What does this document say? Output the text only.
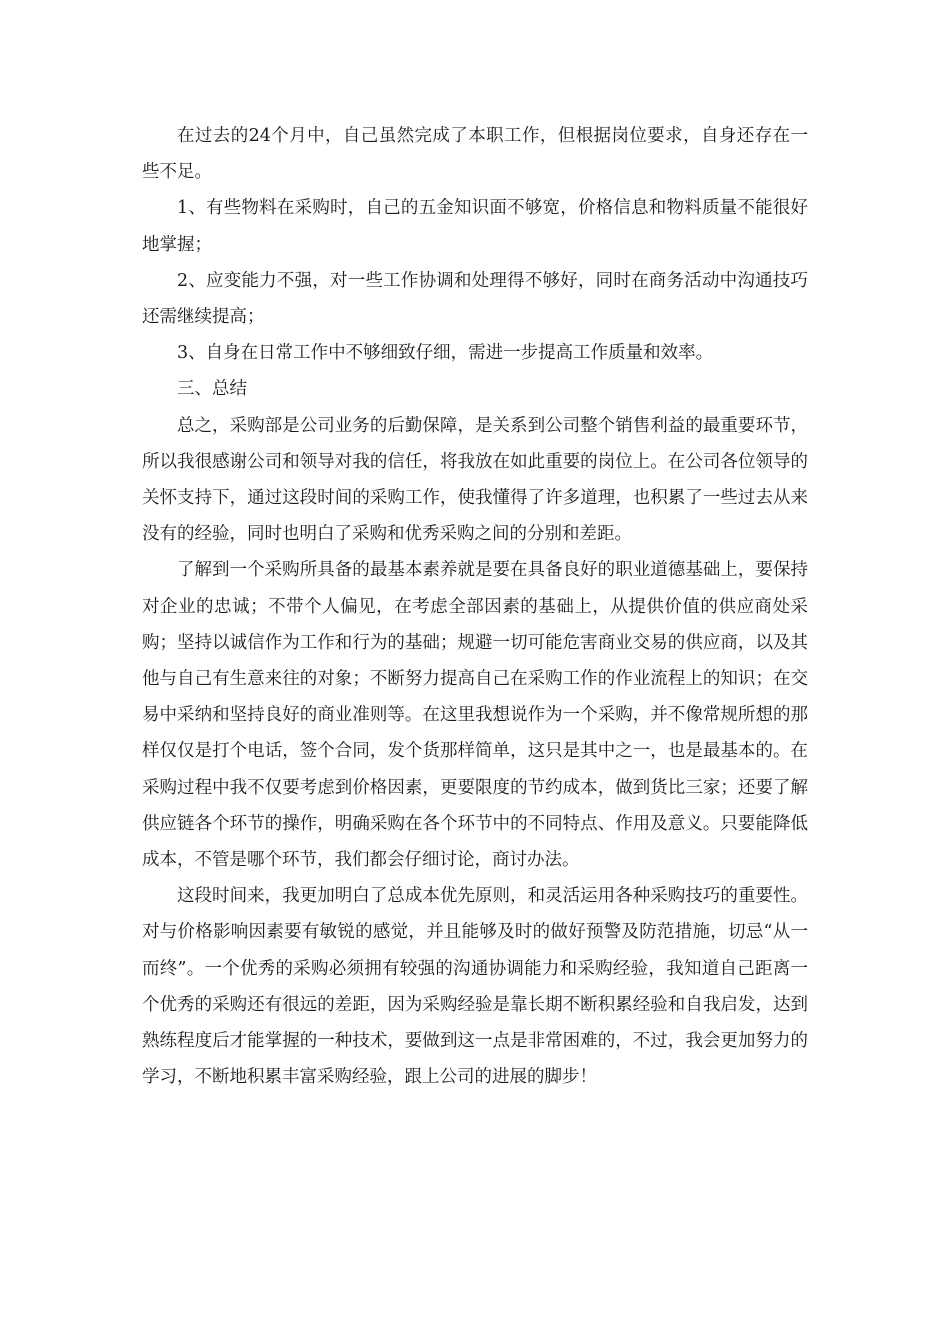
在过去的24个月中，自己虽然完成了本职工作，但根据岗位要求，自身还存在一些不足。

1、有些物料在采购时，自己的五金知识面不够宽，价格信息和物料质量不能很好地掌握；

2、应变能力不强，对一些工作协调和处理得不够好，同时在商务活动中沟通技巧还需继续提高；

3、自身在日常工作中不够细致仔细，需进一步提高工作质量和效率。

三、总结

总之，采购部是公司业务的后勤保障，是关系到公司整个销售利益的最重要环节，所以我很感谢公司和领导对我的信任，将我放在如此重要的岗位上。在公司各位领导的关怀支持下，通过这段时间的采购工作，使我懂得了许多道理，也积累了一些过去从来没有的经验，同时也明白了采购和优秀采购之间的分别和差距。

了解到一个采购所具备的最基本素养就是要在具备良好的职业道德基础上，要保持对企业的忠诚；不带个人偏见，在考虑全部因素的基础上，从提供价值的供应商处采购；坚持以诚信作为工作和行为的基础；规避一切可能危害商业交易的供应商，以及其他与自己有生意来往的对象；不断努力提高自己在采购工作的作业流程上的知识；在交易中采纳和坚持良好的商业准则等。在这里我想说作为一个采购，并不像常规所想的那样仅仅是打个电话，签个合同，发个货那样简单，这只是其中之一，也是最基本的。在采购过程中我不仅要考虑到价格因素，更要限度的节约成本，做到货比三家；还要了解供应链各个环节的操作，明确采购在各个环节中的不同特点、作用及意义。只要能降低成本，不管是哪个环节，我们都会仔细讨论，商讨办法。

这段时间来，我更加明白了总成本优先原则，和灵活运用各种采购技巧的重要性。对与价格影响因素要有敏锐的感觉，并且能够及时的做好预警及防范措施，切忌“从一而终”。一个优秀的采购必须拥有较强的沟通协调能力和采购经验，我知道自己距离一个优秀的采购还有很远的差距，因为采购经验是靠长期不断积累经验和自我启发，达到熟练程度后才能掌握的一种技术，要做到这一点是非常困难的，不过，我会更加努力的学习，不断地积累丰富采购经验，跟上公司的进展的脚步！
